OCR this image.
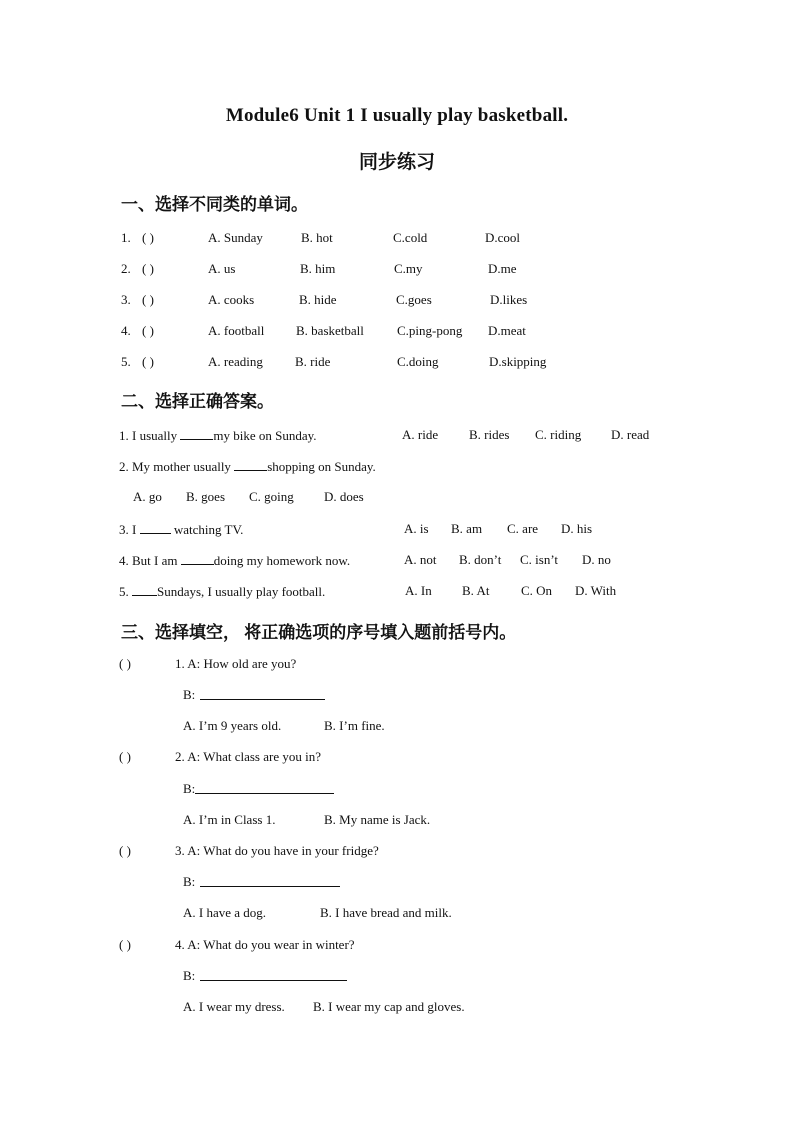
Module6 Unit 1 I usually play basketball.
同步练习
一、选择不同类的单词。
1. ( )	A. Sunday	B. hot	C.cold	D.cool
2. ( )	A. us	B. him	C.my	D.me
3. ( )	A. cooks	B. hide	C.goes	D.likes
4. ( )	A. football B. basketball	C.ping-pong D.meat
5. ( )	A. reading B. ride	C.doing	D.skipping
二、选择正确答案。
1. I usually	my bike on Sunday.	A. ride B. rides C. riding D. read
2. My mother usually	shopping on Sunday.
A. go B. goes C. going D. does
3. I  watching TV.	A. is B. am C. are D. his
4. But I am	doing my homework now.	A. not B. don’t C. isn’t D. no
5. Sundays, I usually play football.	A. In B. At C. On D. With
三、选择填空， 将正确选项的序号填入题前括号内。
( )	1. A: How old are you?
B:
A. I’m 9 years old.	B. I’m fine.
( )	2. A: What class are you in?
B:
A. I’m in Class 1.	B. My name is Jack.
( )	3. A: What do you have in your fridge?
B:
A. I have a dog.	B. I have bread and milk.
( )	4. A: What do you wear in winter?
B:
A. I wear my dress. B. I wear my cap and gloves.
